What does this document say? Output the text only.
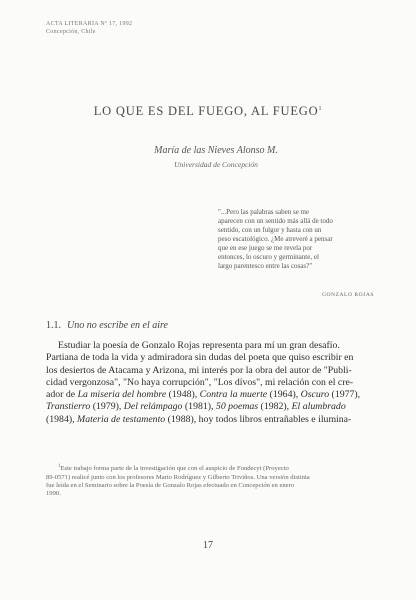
ACTA LITERARIA Nº 17, 1992
Concepción, Chile
LO QUE ES DEL FUEGO, AL FUEGO$^1$
María de las Nieves Alonso M.
Universidad de Concepción
"...Pero las palabras saben se me
aparecen con un sentido más allá de todo
sentido, con un fulgor y hasta con un
peso escatológico. ¿Me atreveré a pensar
que en ese juego se me revela por
entonces, lo oscuro y germinante, el
largo parentesco entre las cosas?"
GONZALO ROJAS
1.1. Uno no escribe en el aire
Estudiar la poesía de Gonzalo Rojas representa para mí un gran desafío.
Partiana de toda la vida y admiradora sin dudas del poeta que quiso escribir en
los desiertos de Atacama y Arizona, mi interés por la obra del autor de "Publi-
cidad vergonzosa", "No haya corrupción", "Los dívos", mi relación con el cre-
ador de La miseria del hombre (1948), Contra la muerte (1964), Oscuro (1977),
Transtierro (1979), Del relámpago (1981), 50 poemas (1982), El alumbrado
(1984), Materia de testamento (1988), hoy todos libros entrañables e ilumina-
$^1$Este trabajo forma parte de la investigación que con el auspicio de Fondecyt (Proyecto
89-0571) realicé junto con los profesores Mario Rodríguez y Gilberto Triviños. Una versión distinta
fue leída en el Seminario sobre la Poesía de Gonzalo Rojas efectuado en Concepción en enero
1990.
17
